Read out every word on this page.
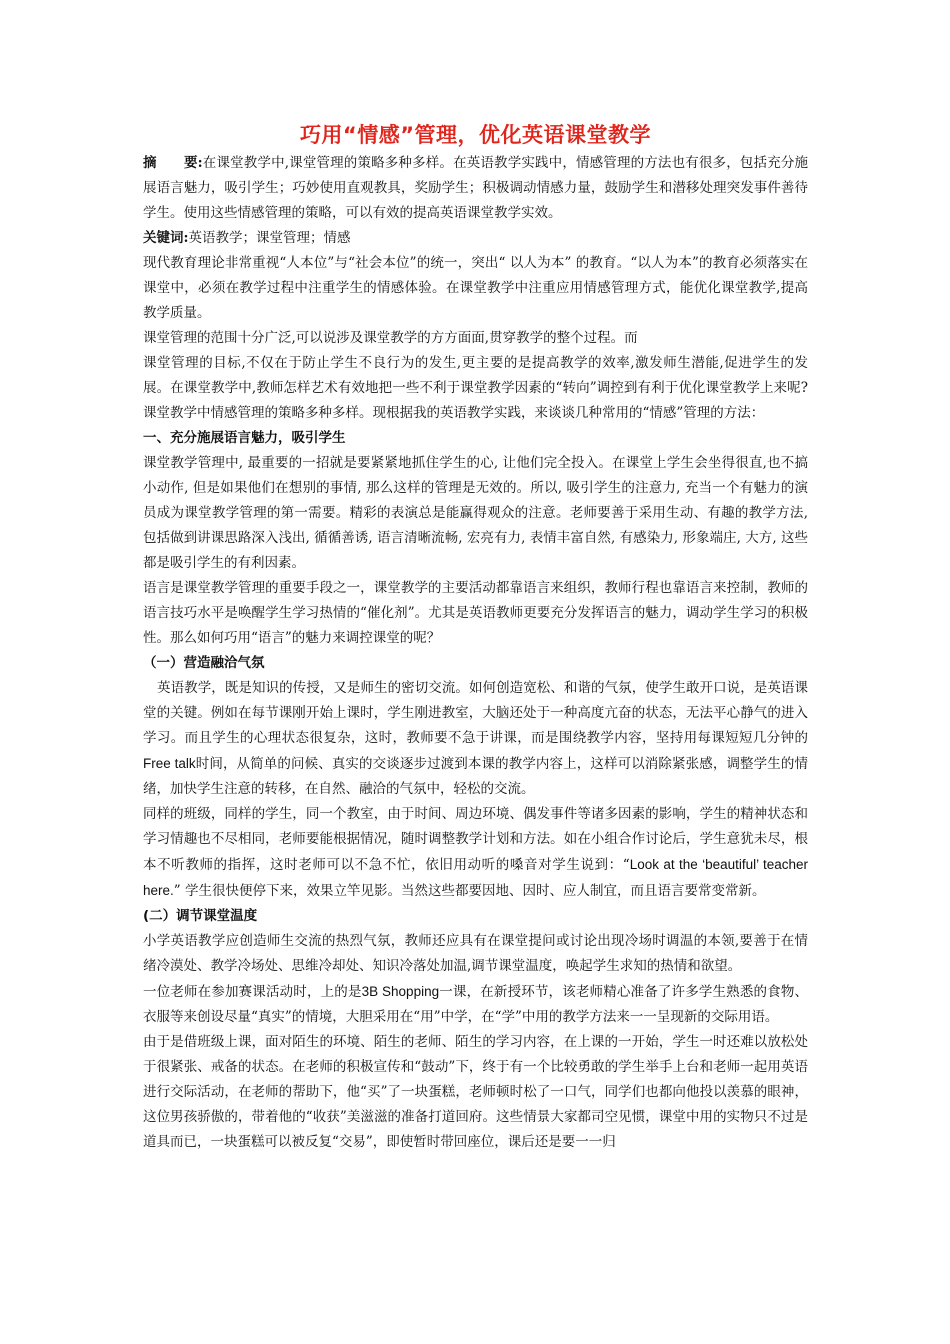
巧用“情感”管理，优化英语课堂教学

摘　　要:在课堂教学中,课堂管理的策略多种多样。在英语教学实践中，情感管理的方法也有很多，包括充分施展语言魅力，吸引学生；巧妙使用直观教具，奖励学生；积极调动情感力量，鼓励学生和潜移处理突发事件善待学生。使用这些情感管理的策略，可以有效的提高英语课堂教学实效。

关键词:英语教学；课堂管理；情感

现代教育理论非常重视“人本位”与“社会本位”的统一，突出“ 以人为本” 的教育。“以人为本”的教育必须落实在课堂中，必须在教学过程中注重学生的情感体验。在课堂教学中注重应用情感管理方式，能优化课堂教学,提高教学质量。

课堂管理的范围十分广泛,可以说涉及课堂教学的方方面面,贯穿教学的整个过程。而

课堂管理的目标,不仅在于防止学生不良行为的发生,更主要的是提高教学的效率,激发师生潜能,促进学生的发展。在课堂教学中,教师怎样艺术有效地把一些不利于课堂教学因素的“转向”调控到有利于优化课堂教学上来呢? 课堂教学中情感管理的策略多种多样。现根据我的英语教学实践，来谈谈几种常用的“情感”管理的方法：

一、充分施展语言魅力，吸引学生

课堂教学管理中, 最重要的一招就是要紧紧地抓住学生的心, 让他们完全投入。在课堂上学生会坐得很直,也不搞小动作, 但是如果他们在想别的事情, 那么这样的管理是无效的。所以, 吸引学生的注意力, 充当一个有魅力的演员成为课堂教学管理的第一需要。精彩的表演总是能赢得观众的注意。老师要善于采用生动、有趣的教学方法, 包括做到讲课思路深入浅出, 循循善诱, 语言清晰流畅, 宏亮有力, 表情丰富自然, 有感染力, 形象端庄, 大方, 这些都是吸引学生的有利因素。

语言是课堂教学管理的重要手段之一，课堂教学的主要活动都靠语言来组织，教师行程也靠语言来控制，教师的语言技巧水平是唤醒学生学习热情的“催化剂”。尤其是英语教师更要充分发挥语言的魅力，调动学生学习的积极性。那么如何巧用“语言”的魅力来调控课堂的呢？

（一）营造融洽气氛

英语教学，既是知识的传授，又是师生的密切交流。如何创造宽松、和谐的气氛，使学生敢开口说，是英语课堂的关键。例如在每节课刚开始上课时，学生刚进教室，大脑还处于一种高度亢奋的状态，无法平心静气的进入学习。而且学生的心理状态很复杂，这时，教师要不急于讲课，而是围绕教学内容，坚持用每课短短几分钟的Free talk时间，从简单的问候、真实的交谈逐步过渡到本课的教学内容上，这样可以消除紧张感，调整学生的情绪，加快学生注意的转移，在自然、融洽的气氛中，轻松的交流。

同样的班级，同样的学生，同一个教室，由于时间、周边环境、偶发事件等诸多因素的影响，学生的精神状态和学习情趣也不尽相同，老师要能根据情况，随时调整教学计划和方法。如在小组合作讨论后，学生意犹未尽，根本不听教师的指挥，这时老师可以不急不忙，依旧用动听的嗓音对学生说到：“Look at the ‘beautiful’ teacher here.” 学生很快便停下来，效果立竿见影。当然这些都要因地、因时、应人制宜，而且语言要常变常新。

(二）调节课堂温度

小学英语教学应创造师生交流的热烈气氛，教师还应具有在课堂提问或讨论出现冷场时调温的本领,要善于在情绪冷漠处、教学冷场处、思维冷却处、知识冷落处加温,调节课堂温度，唤起学生求知的热情和欲望。

一位老师在参加赛课活动时，上的是3B Shopping一课，在新授环节，该老师精心准备了许多学生熟悉的食物、衣服等来创设尽量“真实”的情境，大胆采用在“用”中学，在“学”中用的教学方法来一一呈现新的交际用语。

由于是借班级上课，面对陌生的环境、陌生的老师、陌生的学习内容，在上课的一开始，学生一时还难以放松处于很紧张、戒备的状态。在老师的积极宣传和“鼓动”下，终于有一个比较勇敢的学生举手上台和老师一起用英语进行交际活动，在老师的帮助下，他“买”了一块蛋糕，老师顿时松了一口气，同学们也都向他投以羡慕的眼神，这位男孩骄傲的，带着他的“收获”美滋滋的准备打道回府。这些情景大家都司空见惯，课堂中用的实物只不过是道具而已，一块蛋糕可以被反复“交易”，即使暂时带回座位，课后还是要一一归
